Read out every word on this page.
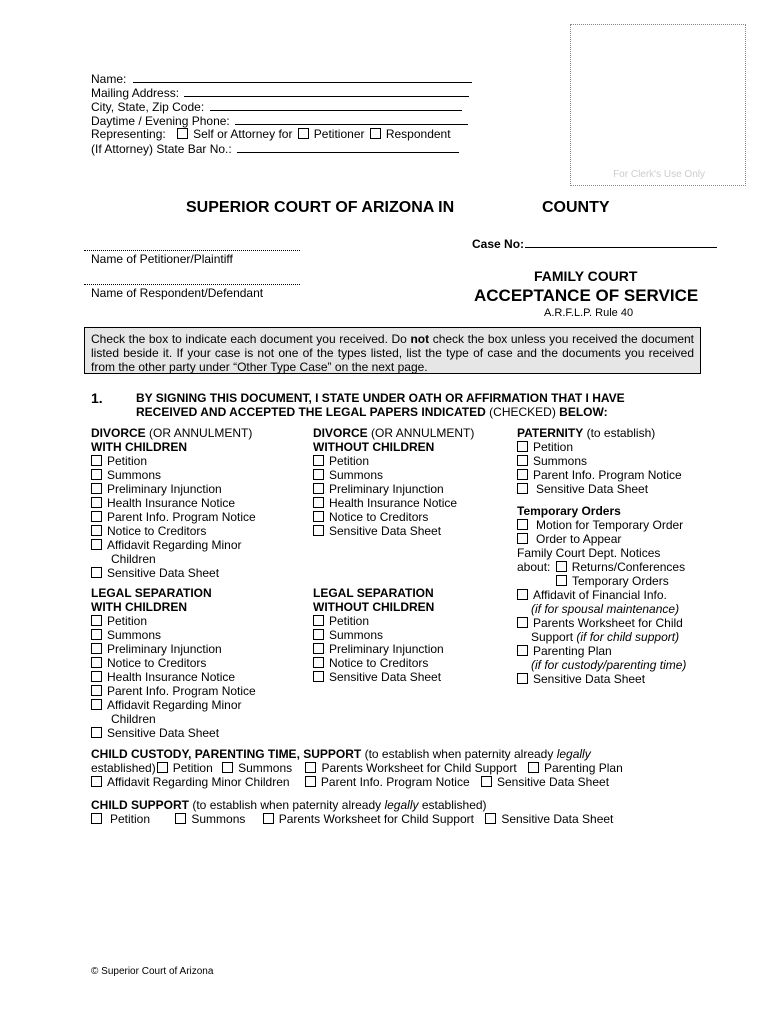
Name:
Mailing Address:
City, State, Zip Code:
Daytime / Evening Phone:
Representing: Self or Attorney for Petitioner Respondent
(If Attorney) State Bar No.:
For Clerk's Use Only
SUPERIOR COURT OF ARIZONA IN	COUNTY
Case No:
Name of Petitioner/Plaintiff
Name of Respondent/Defendant
FAMILY COURT
ACCEPTANCE OF SERVICE
A.R.F.L.P. Rule 40
Check the box to indicate each document you received. Do not check the box unless you received the document listed beside it. If your case is not one of the types listed, list the type of case and the documents you received from the other party under “Other Type Case” on the next page.
1.	BY SIGNING THIS DOCUMENT, I STATE UNDER OATH OR AFFIRMATION THAT I HAVE
RECEIVED AND ACCEPTED THE LEGAL PAPERS INDICATED (CHECKED) BELOW:
DIVORCE (OR ANNULMENT)
WITH CHILDREN
Petition
Summons
Preliminary Injunction
Health Insurance Notice
Parent Info. Program Notice
Notice to Creditors
Affidavit Regarding Minor
Children
Sensitive Data Sheet
LEGAL SEPARATION
WITH CHILDREN
Petition
Summons
Preliminary Injunction
Notice to Creditors
Health Insurance Notice
Parent Info. Program Notice
Affidavit Regarding Minor
Children
Sensitive Data Sheet
DIVORCE (OR ANNULMENT)
WITHOUT CHILDREN
Petition
Summons
Preliminary Injunction
Health Insurance Notice
Notice to Creditors
Sensitive Data Sheet
LEGAL SEPARATION
WITHOUT CHILDREN
Petition
Summons
Preliminary Injunction
Notice to Creditors
Sensitive Data Sheet
PATERNITY (to establish)
Petition
Summons
Parent Info. Program Notice
Sensitive Data Sheet
Temporary Orders
Motion for Temporary Order
Order to Appear
Family Court Dept. Notices
about: Returns/Conferences
Temporary Orders
Affidavit of Financial Info.
(if for spousal maintenance)
Parents Worksheet for Child
Support (if for child support)
Parenting Plan
(if for custody/parenting time)
Sensitive Data Sheet
CHILD CUSTODY, PARENTING TIME, SUPPORT (to establish when paternity already legally
established) Petition Summons Parents Worksheet for Child Support Parenting Plan
Affidavit Regarding Minor Children	Parent Info. Program Notice Sensitive Data Sheet
CHILD SUPPORT (to establish when paternity already legally established)
Petition	Summons	Parents Worksheet for Child Support Sensitive Data Sheet
© Superior Court of Arizona
